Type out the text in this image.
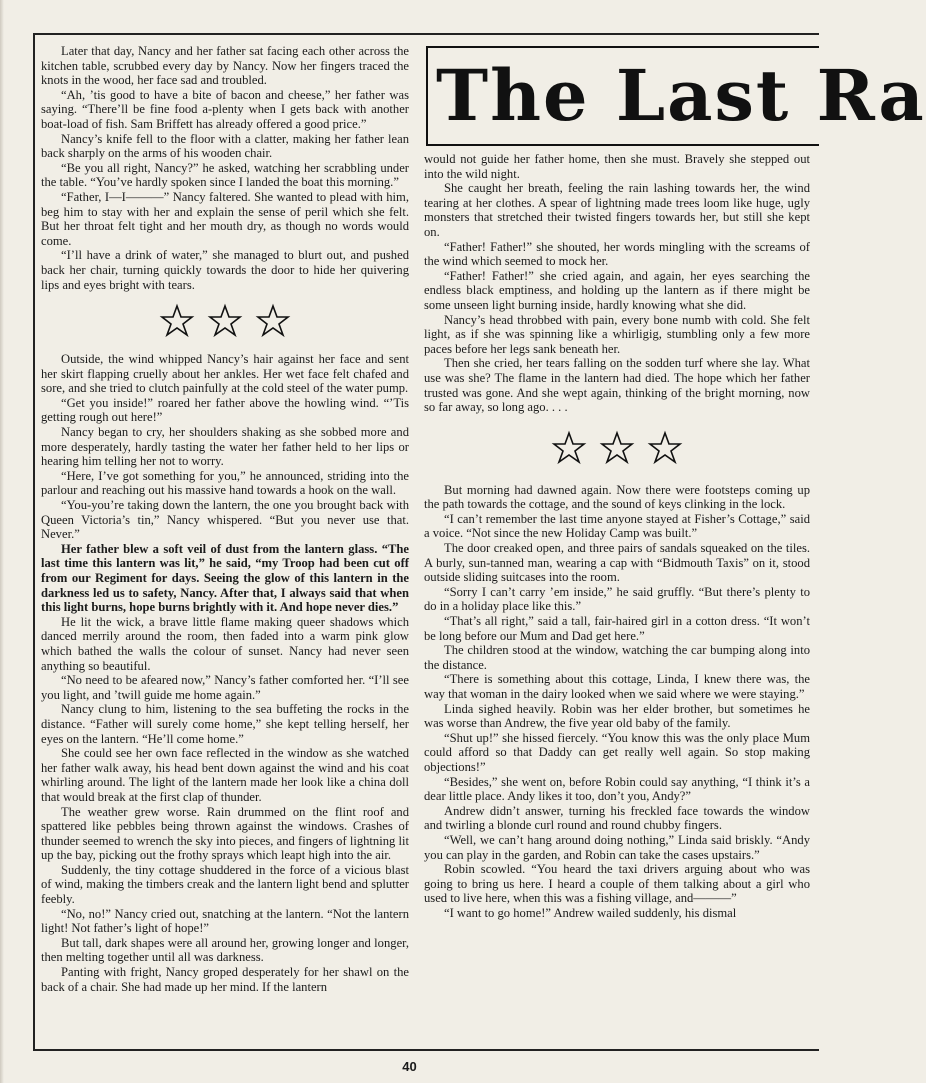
The Last Ra

Later that day, Nancy and her father sat facing each other across the kitchen table, scrubbed every day by Nancy. Now her fingers traced the knots in the wood, her face sad and troubled.

“Ah, ’tis good to have a bite of bacon and cheese,” her father was saying. “There’ll be fine food a-plenty when I gets back with another boat-load of fish. Sam Briffett has already offered a good price.”

Nancy’s knife fell to the floor with a clatter, making her father lean back sharply on the arms of his wooden chair.

“Be you all right, Nancy?” he asked, watching her scrabbling under the table. “You’ve hardly spoken since I landed the boat this morning.”

“Father, I—I———” Nancy faltered. She wanted to plead with him, beg him to stay with her and explain the sense of peril which she felt. But her throat felt tight and her mouth dry, as though no words would come.

“I’ll have a drink of water,” she managed to blurt out, and pushed back her chair, turning quickly towards the door to hide her quivering lips and eyes bright with tears.

Outside, the wind whipped Nancy’s hair against her face and sent her skirt flapping cruelly about her ankles. Her wet face felt chafed and sore, and she tried to clutch painfully at the cold steel of the water pump.

“Get you inside!” roared her father above the howling wind. “’Tis getting rough out here!”

Nancy began to cry, her shoulders shaking as she sobbed more and more desperately, hardly tasting the water her father held to her lips or hearing him telling her not to worry.

“Here, I’ve got something for you,” he announced, striding into the parlour and reaching out his massive hand towards a hook on the wall.

“You-you’re taking down the lantern, the one you brought back with Queen Victoria’s tin,” Nancy whispered. “But you never use that. Never.”

Her father blew a soft veil of dust from the lantern glass. “The last time this lantern was lit,” he said, “my Troop had been cut off from our Regiment for days. Seeing the glow of this lantern in the darkness led us to safety, Nancy. After that, I always said that when this light burns, hope burns brightly with it. And hope never dies.”

He lit the wick, a brave little flame making queer shadows which danced merrily around the room, then faded into a warm pink glow which bathed the walls the colour of sunset. Nancy had never seen anything so beautiful.

“No need to be afeared now,” Nancy’s father comforted her. “I’ll see you light, and ’twill guide me home again.”

Nancy clung to him, listening to the sea buffeting the rocks in the distance. “Father will surely come home,” she kept telling herself, her eyes on the lantern. “He’ll come home.”

She could see her own face reflected in the window as she watched her father walk away, his head bent down against the wind and his coat whirling around. The light of the lantern made her look like a china doll that would break at the first clap of thunder.

The weather grew worse. Rain drummed on the flint roof and spattered like pebbles being thrown against the windows. Crashes of thunder seemed to wrench the sky into pieces, and fingers of lightning lit up the bay, picking out the frothy sprays which leapt high into the air.

Suddenly, the tiny cottage shuddered in the force of a vicious blast of wind, making the timbers creak and the lantern light bend and splutter feebly.

“No, no!” Nancy cried out, snatching at the lantern. “Not the lantern light! Not father’s light of hope!”

But tall, dark shapes were all around her, growing longer and longer, then melting together until all was darkness.

Panting with fright, Nancy groped desperately for her shawl on the back of a chair. She had made up her mind. If the lantern

would not guide her father home, then she must. Bravely she stepped out into the wild night.

She caught her breath, feeling the rain lashing towards her, the wind tearing at her clothes. A spear of lightning made trees loom like huge, ugly monsters that stretched their twisted fingers towards her, but still she kept on.

“Father! Father!” she shouted, her words mingling with the screams of the wind which seemed to mock her.

“Father! Father!” she cried again, and again, her eyes searching the endless black emptiness, and holding up the lantern as if there might be some unseen light burning inside, hardly knowing what she did.

Nancy’s head throbbed with pain, every bone numb with cold. She felt light, as if she was spinning like a whirligig, stumbling only a few more paces before her legs sank beneath her.

Then she cried, her tears falling on the sodden turf where she lay. What use was she? The flame in the lantern had died. The hope which her father trusted was gone. And she wept again, thinking of the bright morning, now so far away, so long ago. . . .

But morning had dawned again. Now there were footsteps coming up the path towards the cottage, and the sound of keys clinking in the lock.

“I can’t remember the last time anyone stayed at Fisher’s Cottage,” said a voice. “Not since the new Holiday Camp was built.”

The door creaked open, and three pairs of sandals squeaked on the tiles. A burly, sun-tanned man, wearing a cap with “Bidmouth Taxis” on it, stood outside sliding suitcases into the room.

“Sorry I can’t carry ’em inside,” he said gruffly. “But there’s plenty to do in a holiday place like this.”

“That’s all right,” said a tall, fair-haired girl in a cotton dress. “It won’t be long before our Mum and Dad get here.”

The children stood at the window, watching the car bumping along into the distance.

“There is something about this cottage, Linda, I knew there was, the way that woman in the dairy looked when we said where we were staying.”

Linda sighed heavily. Robin was her elder brother, but sometimes he was worse than Andrew, the five year old baby of the family.

“Shut up!” she hissed fiercely. “You know this was the only place Mum could afford so that Daddy can get really well again. So stop making objections!”

“Besides,” she went on, before Robin could say anything, “I think it’s a dear little place. Andy likes it too, don’t you, Andy?”

Andrew didn’t answer, turning his freckled face towards the window and twirling a blonde curl round and round chubby fingers.

“Well, we can’t hang around doing nothing,” Linda said briskly. “Andy you can play in the garden, and Robin can take the cases upstairs.”

Robin scowled. “You heard the taxi drivers arguing about who was going to bring us here. I heard a couple of them talking about a girl who used to live here, when this was a fishing village, and———”

“I want to go home!” Andrew wailed suddenly, his dismal

40
